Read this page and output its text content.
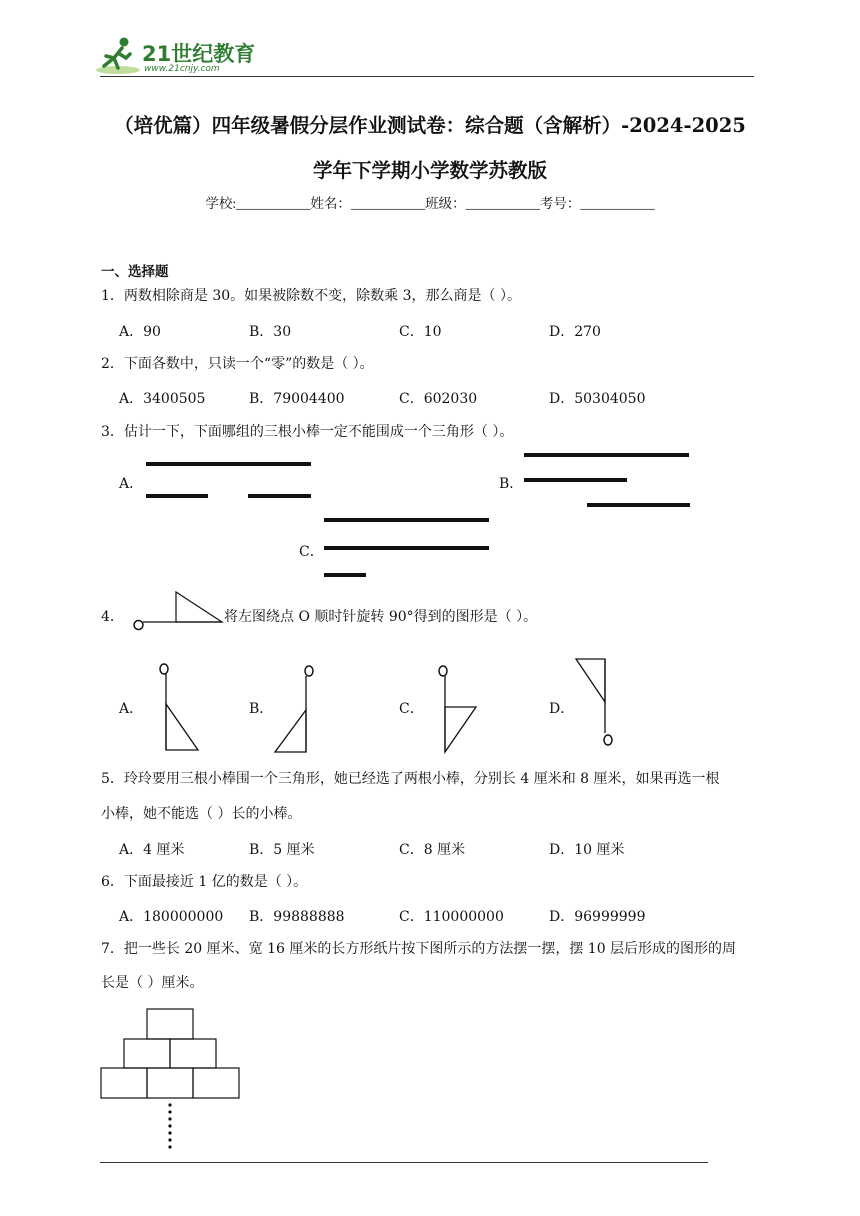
21世纪教育
www.21cnjy.com
（培优篇）四年级暑假分层作业测试卷：综合题（含解析）-2024-2025
学年下学期小学数学苏教版
学校:___________姓名：___________班级：___________考号：___________
一、选择题
1．两数相除商是 30。如果被除数不变，除数乘 3，那么商是（ ）。
A．90	B．30	C．10	D．270
2．下面各数中，只读一个“零”的数是（ ）。
A．3400505	B．79004400	C．602030	D．50304050
3．估计一下，下面哪组的三根小棒一定不能围成一个三角形（ ）。
A．	B．
C．
4．	将左图绕点 O 顺时针旋转 90°得到的图形是（ ）。
A．	B．	C．	D．
5．玲玲要用三根小棒围一个三角形，她已经选了两根小棒，分别长 4 厘米和 8 厘米，如果再选一根
小棒，她不能选（ ）长的小棒。
A．4 厘米	B．5 厘米	C．8 厘米	D．10 厘米
6．下面最接近 1 亿的数是（ ）。
A．180000000 B．99888888	C．110000000	D．96999999
7．把一些长 20 厘米、宽 16 厘米的长方形纸片按下图所示的方法摆一摆，摆 10 层后形成的图形的周
长是（ ）厘米。
